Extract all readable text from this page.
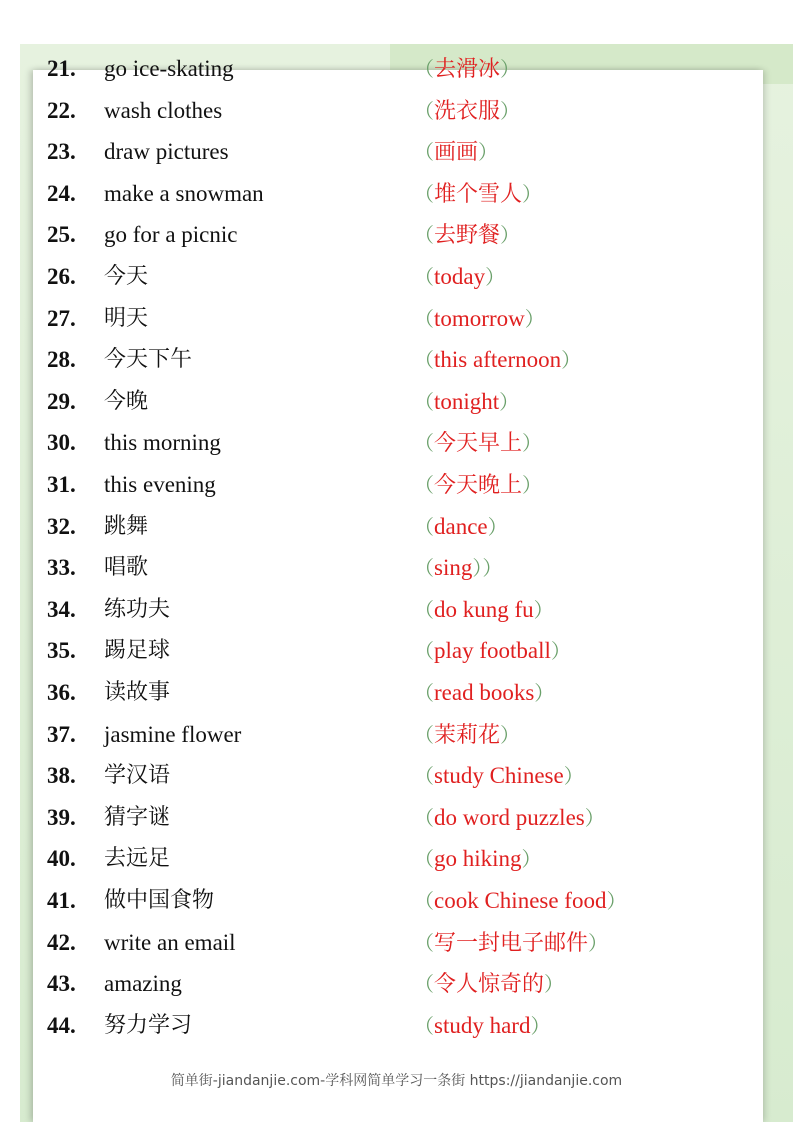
21. go ice-skating	（去滑冰）
22. wash clothes	（洗衣服）
23. draw pictures	（画画）
24. make a snowman	（堆个雪人）
25. go for a picnic	（去野餐）
26. 今天	（today）
27. 明天	（tomorrow）
28. 今天下午	（this afternoon）
29. 今晚	（tonight）
30. this morning	（今天早上）
31. this evening	（今天晚上）
32. 跳舞	（dance）
33. 唱歌	（sing））
34. 练功夫	（do kung fu）
35. 踢足球	（play football）
36. 读故事	（read books）
37. jasmine flower	（茉莉花）
38. 学汉语	（study Chinese）
39. 猜字谜	（do word puzzles）
40. 去远足	（go hiking）
41. 做中国食物	（cook Chinese food）
42. write an email	（写一封电子邮件）
43. amazing	（令人惊奇的）
44. 努力学习	（study hard）
简单街-jiandanjie.com-学科网简单学习一条街 https://jiandanjie.com
